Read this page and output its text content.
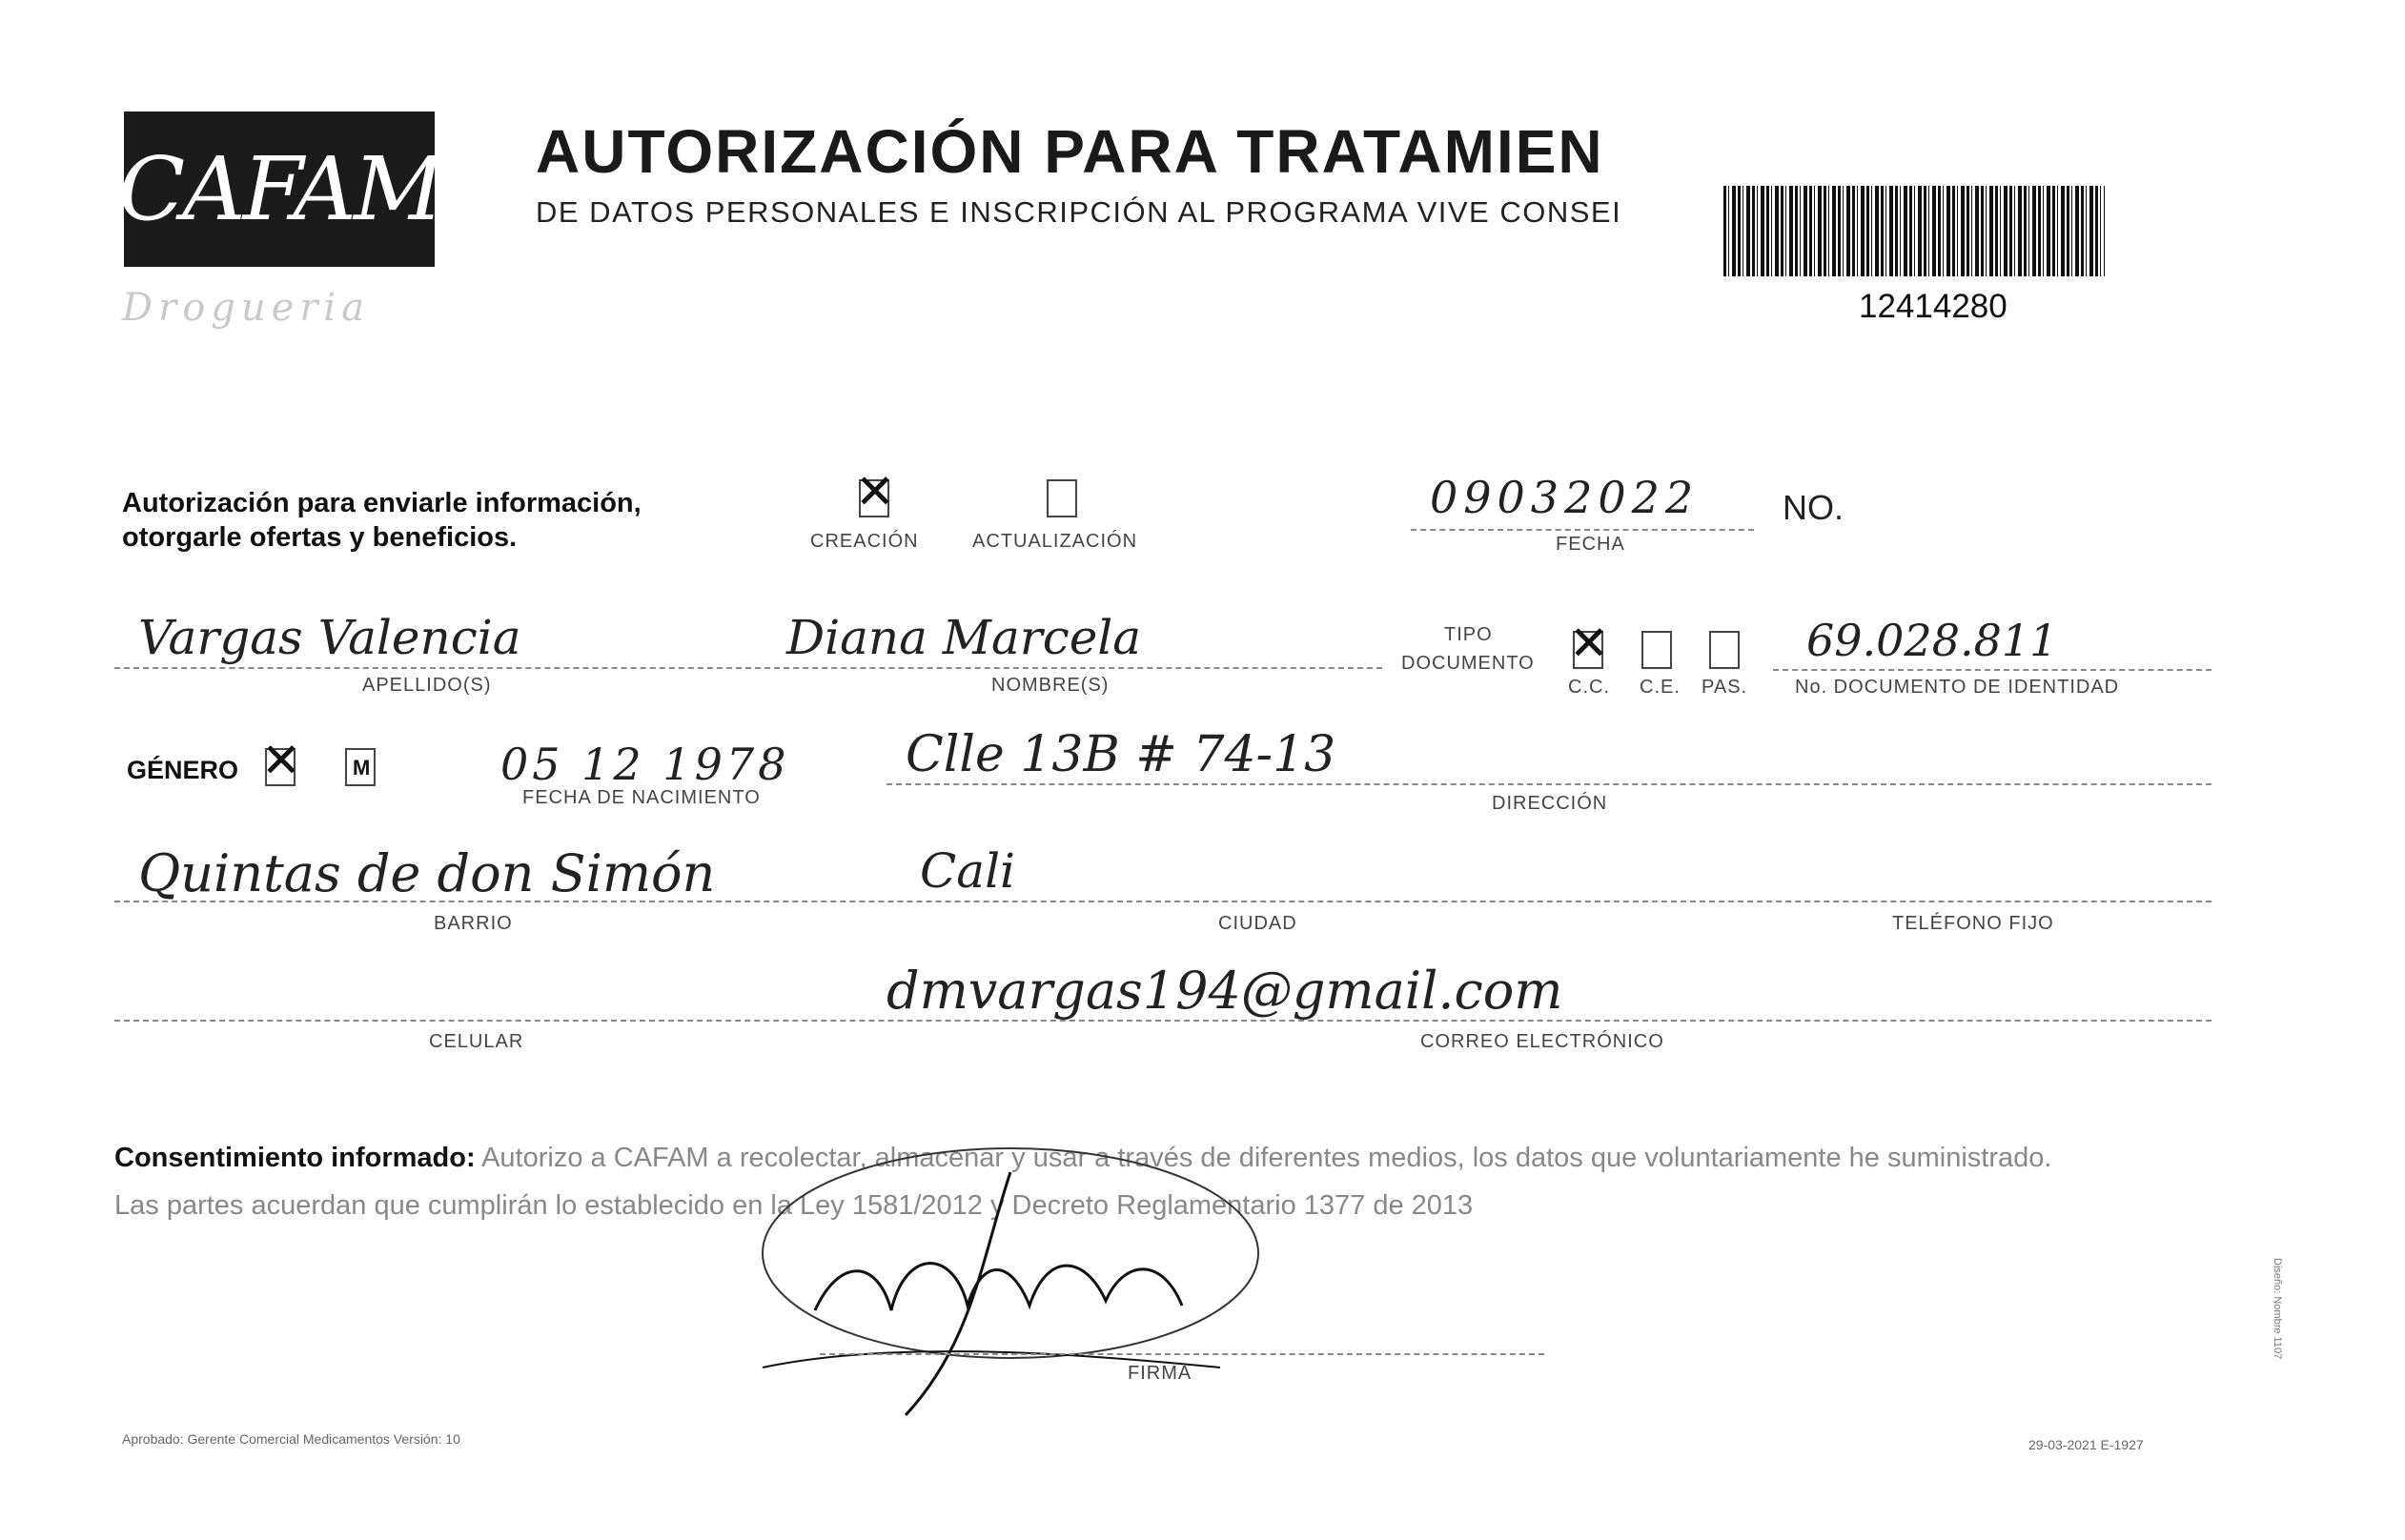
CAFAM
Drogueria
AUTORIZACIÓN PARA TRATAMIEN
DE DATOS PERSONALES E INSCRIPCIÓN AL PROGRAMA VIVE CONSEI
12414280
Autorización para enviarle información,
otorgarle ofertas y beneficios.
✕	CREACIÓN	ACTUALIZACIÓN
09032022
FECHA
NO.
Vargas Valencia
APELLIDO(S)
Diana Marcela
NOMBRE(S)
TIPO
DOCUMENTO
✕
C.C. C.E. PAS.
69.028.811
No. DOCUMENTO DE IDENTIDAD
GÉNERO
✕	M	05 12 1978
FECHA DE NACIMIENTO
Clle 13B # 74-13
DIRECCIÓN
Quintas de don Simón
BARRIO
Cali
CIUDAD	TELÉFONO FIJO
CELULAR
dmvargas194@gmail.com
CORREO ELECTRÓNICO
Consentimiento informado: Autorizo a CAFAM a recolectar, almacenar y usar a través de diferentes medios, los datos que voluntariamente he suministrado.
Las partes acuerdan que cumplirán lo establecido en la Ley 1581/2012 y Decreto Reglamentario 1377 de 2013
FIRMA
Aprobado: Gerente Comercial Medicamentos Versión: 10	29-03-2021 E-1927
Diseño: Nombre 1107
